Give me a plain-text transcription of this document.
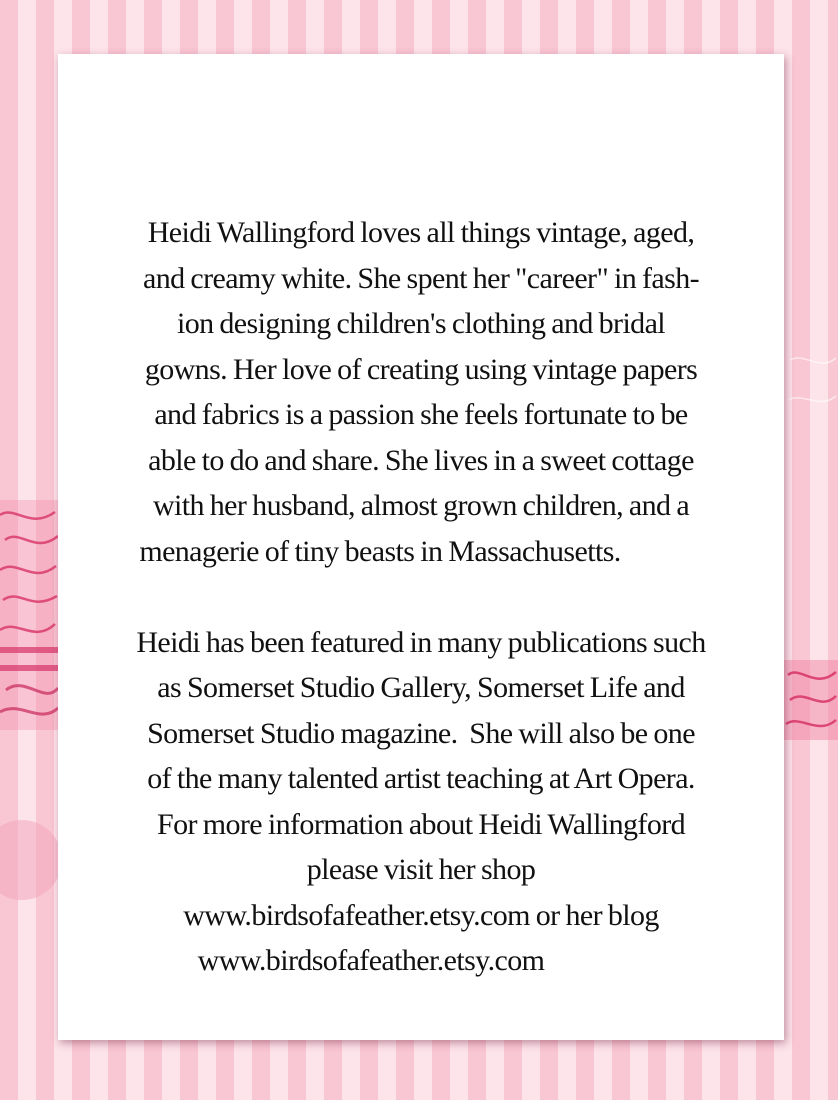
Heidi Wallingford loves all things vintage, aged,
and creamy white. She spent her "career" in fash-
ion designing children's clothing and bridal
gowns. Her love of creating using vintage papers
and fabrics is a passion she feels fortunate to be
able to do and share. She lives in a sweet cottage
with her husband, almost grown children, and a
menagerie of tiny beasts in Massachusetts.
Heidi has been featured in many publications such
as Somerset Studio Gallery, Somerset Life and
Somerset Studio magazine.  She will also be one
of the many talented artist teaching at Art Opera.
For more information about Heidi Wallingford
please visit her shop
www.birdsofafeather.etsy.com or her blog
www.birdsofafeather.etsy.com
